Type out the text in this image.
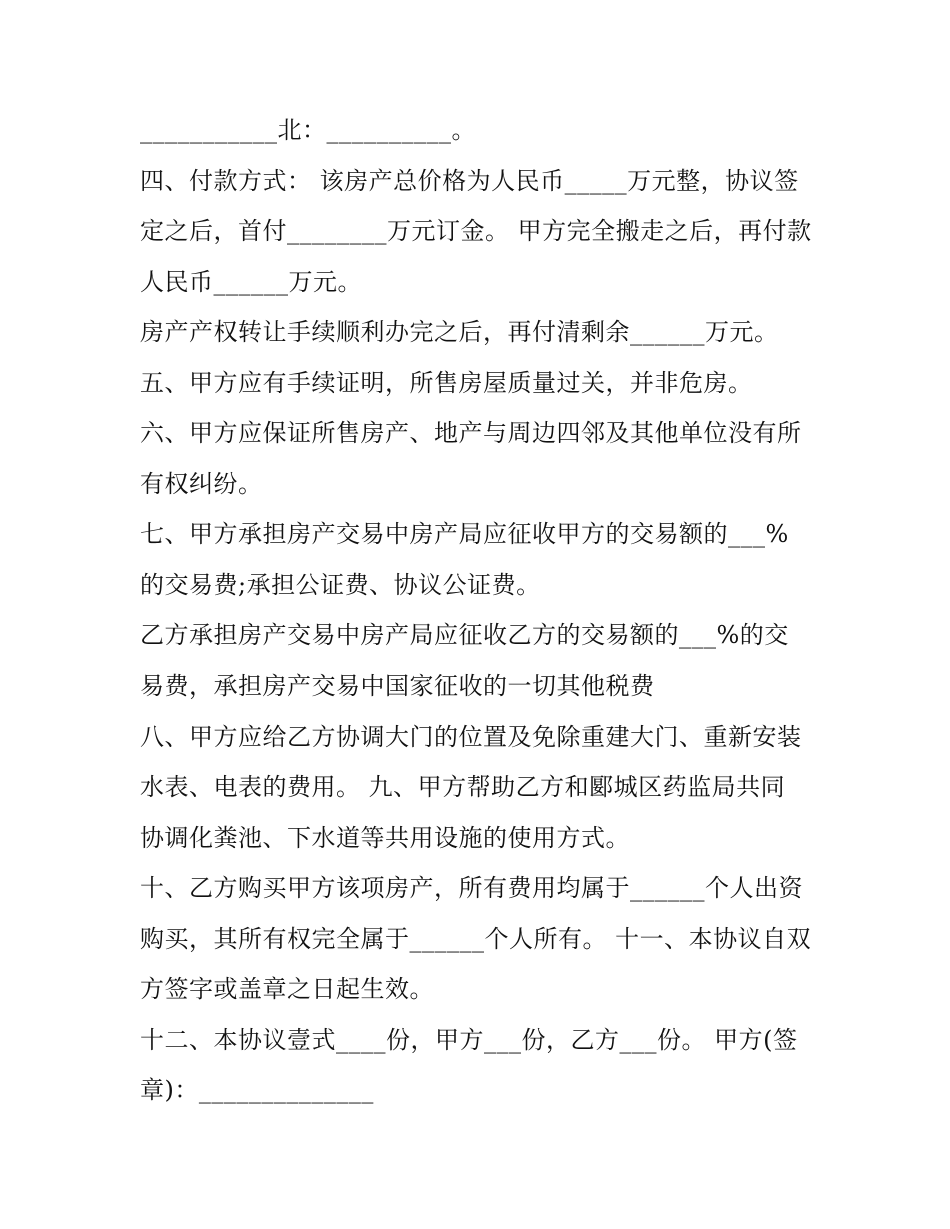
___________北：__________。
四、付款方式： 该房产总价格为人民币_____万元整，协议签
定之后，首付________万元订金。 甲方完全搬走之后，再付款
人民币______万元。
房产产权转让手续顺利办完之后，再付清剩余______万元。
五、甲方应有手续证明，所售房屋质量过关，并非危房。
六、甲方应保证所售房产、地产与周边四邻及其他单位没有所
有权纠纷。
七、甲方承担房产交易中房产局应征收甲方的交易额的___%
的交易费;承担公证费、协议公证费。
乙方承担房产交易中房产局应征收乙方的交易额的___%的交
易费，承担房产交易中国家征收的一切其他税费
八、甲方应给乙方协调大门的位置及免除重建大门、重新安装
水表、电表的费用。 九、甲方帮助乙方和郾城区药监局共同
协调化粪池、下水道等共用设施的使用方式。
十、乙方购买甲方该项房产，所有费用均属于______个人出资
购买，其所有权完全属于______个人所有。 十一、本协议自双
方签字或盖章之日起生效。
十二、本协议壹式____份，甲方___份，乙方___份。 甲方(签
章)：______________
